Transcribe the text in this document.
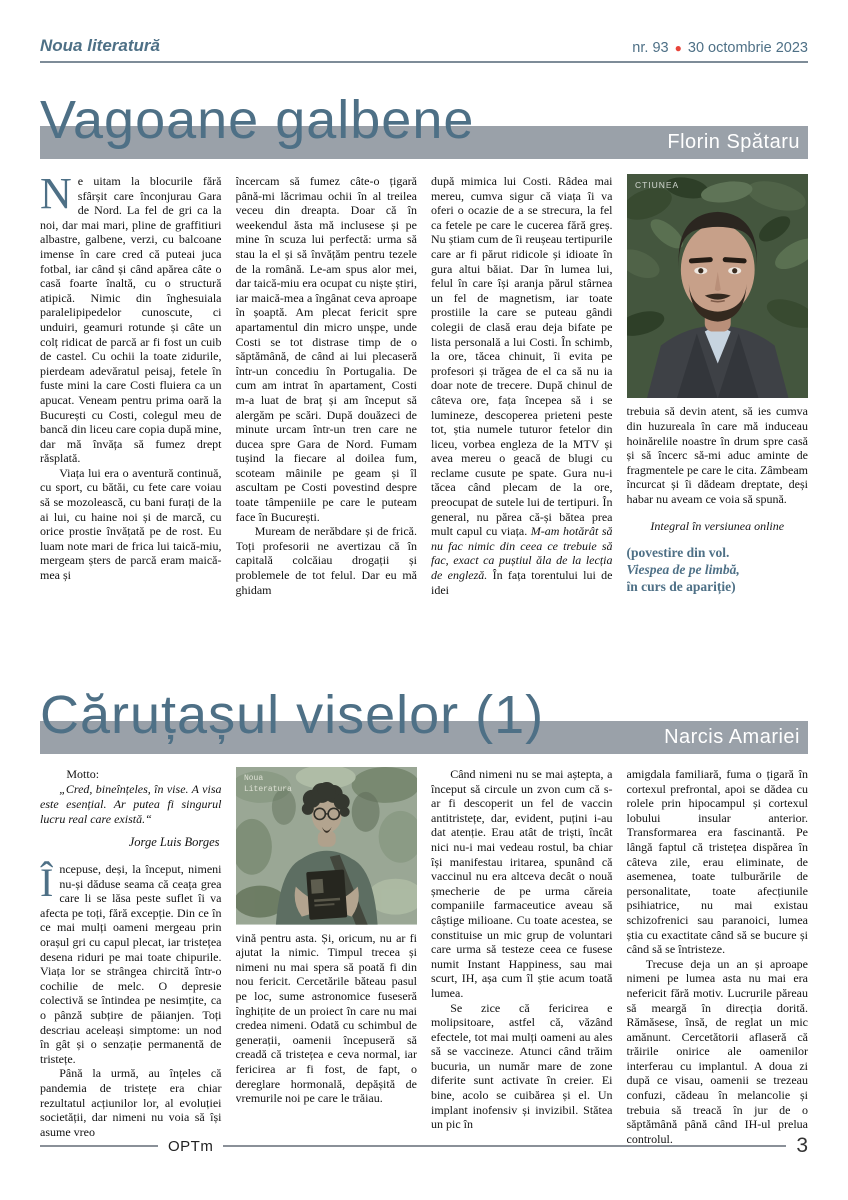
Noua literatură	nr. 93 ● 30 octombrie 2023
Vagoane galbene	Florin Spătaru

Ne uitam la blocurile fără sfârșit care înconjurau Gara de Nord. La fel de gri ca la noi, dar mai mari, pline de graffitiuri albastre, galbene, verzi, cu balcoane imense în care cred că puteai juca fotbal, iar când și când apărea câte o casă foarte înaltă, cu o structură atipică. Nimic din înghesuiala paralelipipedelor cunoscute, ci unduiri, geamuri rotunde și câte un colț ridicat de parcă ar fi fost un cuib de castel. Cu ochii la toate zidurile, pierdeam adevăratul peisaj, fetele în fuste mini la care Costi fluiera ca un apucat. Veneam pentru prima oară la București cu Costi, colegul meu de bancă din liceu care copia după mine, dar mă învăța să fumez drept răsplată.

Viața lui era o aventură continuă, cu sport, cu bătăi, cu fete care voiau să se mozolească, cu bani furați de la ai lui, cu haine noi și de marcă, cu orice prostie învățată pe de rost. Eu luam note mari de frica lui taică-miu, mergeam șters de parcă eram maică-mea și

încercam să fumez câte-o țigară până-mi lăcrimau ochii în al treilea veceu din dreapta. Doar că în weekendul ăsta mă inclusese și pe mine în scuza lui perfectă: urma să stau la el și să învățăm pentru tezele de la română. Le-am spus alor mei, dar taică-miu era ocupat cu niște știri, iar maică-mea a îngânat ceva aproape în șoaptă. Am plecat fericit spre apartamentul din micro unșpe, unde Costi se tot distrase timp de o săptămână, de când ai lui plecaseră într-un concediu în Portugalia. De cum am intrat în apartament, Costi m-a luat de braț și am început să alergăm pe scări. După douăzeci de minute urcam într-un tren care ne ducea spre Gara de Nord. Fumam tușind la fiecare al doilea fum, scoteam mâinile pe geam și îl ascultam pe Costi povestind despre toate tâmpeniile pe care le puteam face în București.

Muream de nerăbdare și de frică. Toți profesorii ne avertizau că în capitală colcăiau drogații și problemele de tot felul. Dar eu mă ghidam

după mimica lui Costi. Râdea mai mereu, cumva sigur că viața îi va oferi o ocazie de a se strecura, la fel ca fetele pe care le cucerea fără greș. Nu știam cum de îi reușeau tertipurile care ar fi părut ridicole și idioate în gura altui băiat. Dar în lumea lui, felul în care își aranja părul stârnea un fel de magnetism, iar toate prostiile la care se puteau gândi colegii de clasă erau deja bifate pe lista personală a lui Costi. În schimb, la ore, tăcea chinuit, îi evita pe profesori și trăgea de el ca să nu ia doar note de trecere. După chinul de câteva ore, fața începea să i se lumineze, descoperea prieteni peste tot, știa numele tuturor fetelor din liceu, vorbea engleza de la MTV și avea mereu o geacă de blugi cu reclame cusute pe spate. Gura nu-i tăcea când plecam de la ore, preocupat de sutele lui de tertipuri. În general, nu părea că-și bătea prea mult capul cu viața. M-am hotărât să nu fac nimic din ceea ce trebuie să fac, exact ca puștiul ăla de la lecția de engleză. În fața torentului lui de idei

CTIUNEA

trebuia să devin atent, să ies cumva din huzureala în care mă induceau hoinărelile noastre în drum spre casă și să încerc să-mi aduc aminte de fragmentele pe care le cita. Zâmbeam încurcat și îi dădeam dreptate, deși habar nu aveam ce voia să spună.

Integral în versiunea online

(povestire din vol.
Viespea de pe limbă,
în curs de apariție)
Căruțașul viselor (1)	Narcis Amariei

Motto:

„Cred, bineînțeles, în vise. A visa este esențial. Ar putea fi singurul lucru real care există.“

Jorge Luis Borges

Începuse, deși, la început, nimeni nu-și dăduse seama că ceața grea care li se lăsa peste suflet îi va afecta pe toți, fără excepție. Din ce în ce mai mulți oameni mergeau prin orașul gri cu capul plecat, iar tristețea desena riduri pe mai toate chipurile. Viața lor se strângea chircită într-o cochilie de melc. O depresie colectivă se întindea pe nesimțite, ca o pânză subțire de păianjen. Toți descriau aceleași simptome: un nod în gât și o senzație permanentă de tristețe.

Până la urmă, au înțeles că pandemia de tristețe era chiar rezultatul acțiunilor lor, al evoluției societății, dar nimeni nu voia să își asume vreo

Noua
Literatura

vină pentru asta. Și, oricum, nu ar fi ajutat la nimic. Timpul trecea și nimeni nu mai spera să poată fi din nou fericit. Cercetările băteau pasul pe loc, sume astronomice fuseseră înghițite de un proiect în care nu mai credea nimeni. Odată cu schimbul de generații, oamenii începuseră să creadă că tristețea e ceva normal, iar fericirea ar fi fost, de fapt, o dereglare hormonală, depășită de vremurile noi pe care le trăiau.

Când nimeni nu se mai aștepta, a început să circule un zvon cum că s-ar fi descoperit un fel de vaccin antitristețe, dar, evident, puțini i-au dat atenție. Erau atât de triști, încât nici nu-i mai vedeau rostul, ba chiar își manifestau iritarea, spunând că vaccinul nu era altceva decât o nouă șmecherie de pe urma căreia companiile farmaceutice aveau să câștige milioane. Cu toate acestea, se constituise un mic grup de voluntari care urma să testeze ceea ce fusese numit Instant Happiness, sau mai scurt, IH, așa cum îl știe acum toată lumea.

Se zice că fericirea e molipsitoare, astfel că, văzând efectele, tot mai mulți oameni au ales să se vaccineze. Atunci când trăim bucuria, un număr mare de zone diferite sunt activate în creier. Ei bine, acolo se cuibărea și el. Un implant inofensiv și invizibil. Stătea un pic în

amigdala familiară, fuma o țigară în cortexul prefrontal, apoi se dădea cu rolele prin hipocampul și cortexul lobului insular anterior. Transformarea era fascinantă. Pe lângă faptul că tristețea dispărea în câteva zile, erau eliminate, de asemenea, toate tulburările de personalitate, toate afecțiunile psihiatrice, nu mai existau schizofrenici sau paranoici, lumea știa cu exactitate când să se bucure și când să se întristeze.

Trecuse deja un an și aproape nimeni pe lumea asta nu mai era nefericit fără motiv. Lucrurile păreau să meargă în direcția dorită. Rămăsese, însă, de reglat un mic amănunt. Cercetătorii aflaseră că trăirile onirice ale oamenilor interferau cu implantul. A doua zi după ce visau, oamenii se trezeau confuzi, cădeau în melancolie și trebuia să treacă în jur de o săptămână până când IH-ul prelua controlul.

OPTm	3
